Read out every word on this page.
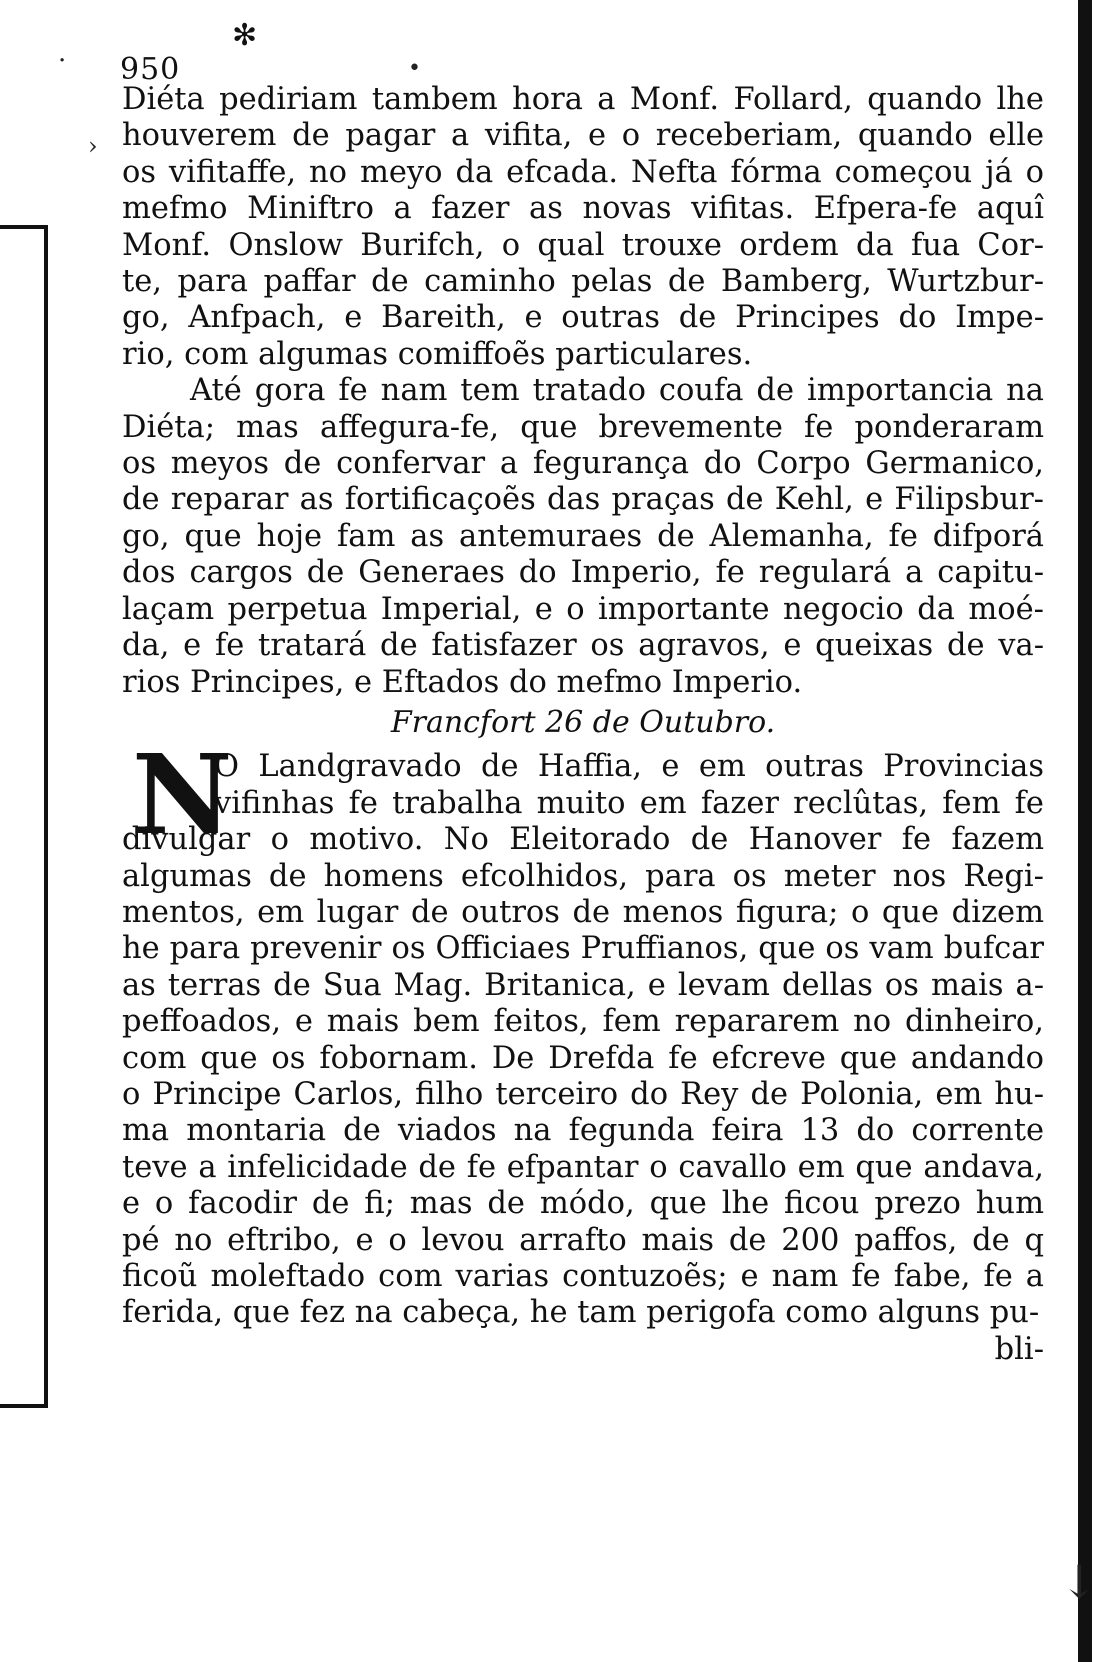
✻
950
·
›
•
↓
Diéta pediriam tambem hora a Monf. Follard, quando lhe
houverem de pagar a vifita, e o receberiam, quando elle
os vifitaffe, no meyo da efcada. Nefta fórma começou já o
mefmo Miniftro a fazer as novas vifitas. Efpera-fe aquî
Monf. Onslow Burifch, o qual trouxe ordem da fua Cor-
te, para paffar de caminho pelas de Bamberg, Wurtzbur-
go, Anfpach, e Bareith, e outras de Principes do Impe-
rio, com algumas comiffoẽs particulares.
Até gora fe nam tem tratado coufa de importancia na
Diéta; mas affegura-fe, que brevemente fe ponderaram
os meyos de confervar a fegurança do Corpo Germanico,
de reparar as fortificaçoẽs das praças de Kehl, e Filipsbur-
go, que hoje fam as antemuraes de Alemanha, fe difporá
dos cargos de Generaes do Imperio, fe regulará a capitu-
laçam perpetua Imperial, e o importante negocio da moé-
da, e fe tratará de fatisfazer os agravos, e queixas de va-
rios Principes, e Eftados do mefmo Imperio.
Francfort 26 de Outubro.
N
O Landgravado de Haffia, e em outras Provincias
vifinhas fe trabalha muito em fazer reclûtas, fem fe
divulgar o motivo. No Eleitorado de Hanover fe fazem
algumas de homens efcolhidos, para os meter nos Regi-
mentos, em lugar de outros de menos figura; o que dizem
he para prevenir os Officiaes Pruffianos, que os vam bufcar
as terras de Sua Mag. Britanica, e levam dellas os mais a-
peffoados, e mais bem feitos, fem repararem no dinheiro,
com que os fobornam. De Drefda fe efcreve que andando
o Principe Carlos, filho terceiro do Rey de Polonia, em hu-
ma montaria de viados na fegunda feira 13 do corrente
teve a infelicidade de fe efpantar o cavallo em que andava,
e o facodir de fi; mas de módo, que lhe ficou prezo hum
pé no eftribo, e o levou arrafto mais de 200 paffos, de q
ficoũ moleftado com varias contuzoẽs; e nam fe fabe, fe a
ferida, que fez na cabeça, he tam perigofa como alguns pu-
bli-
